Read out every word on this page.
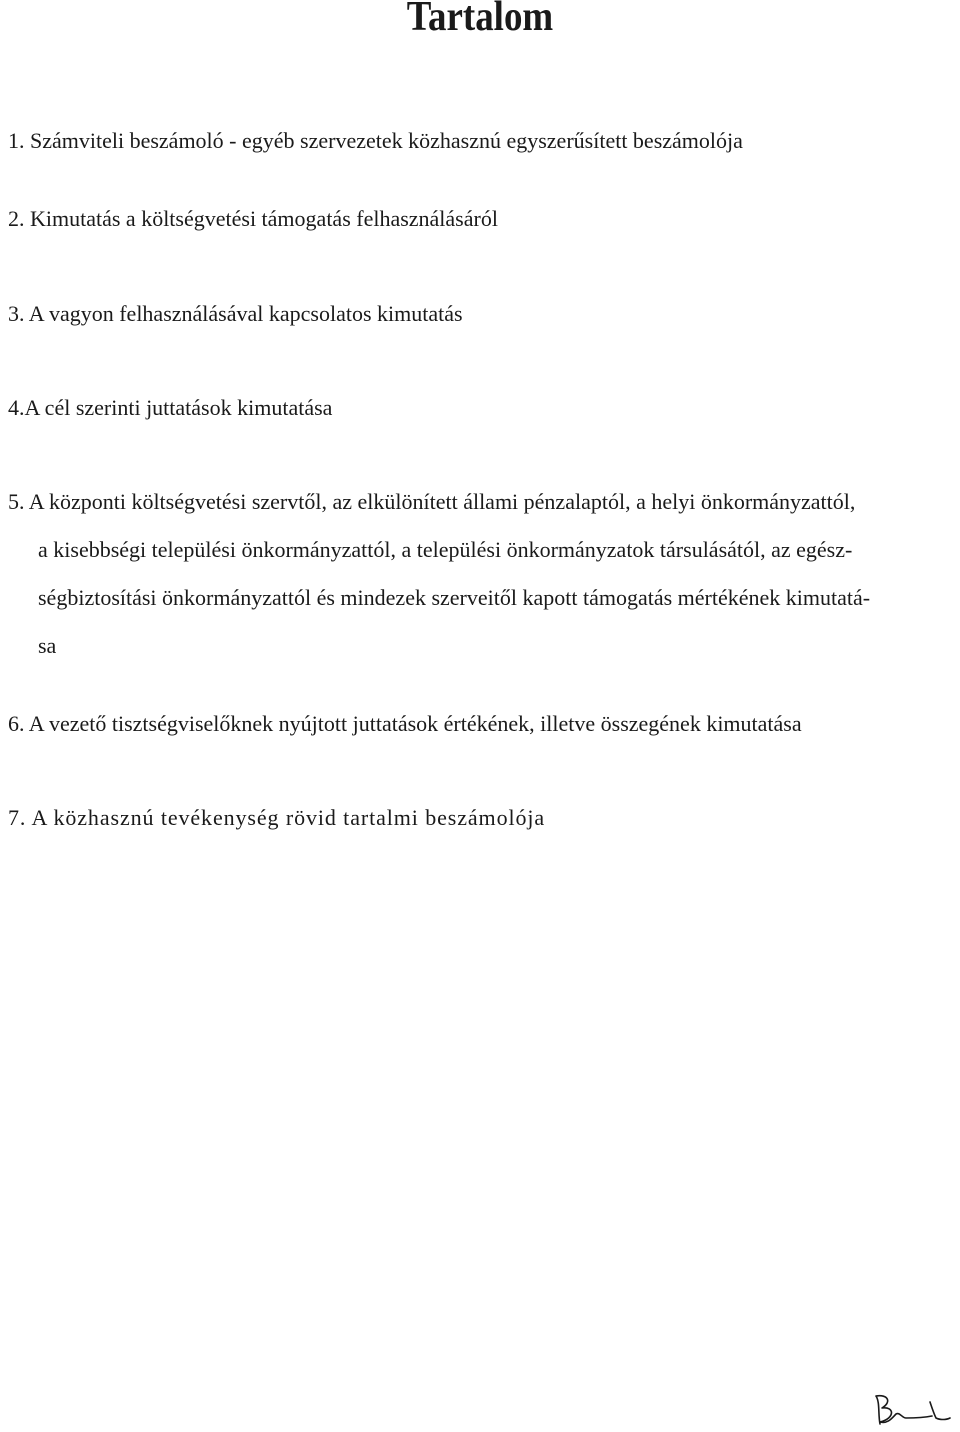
Tartalom
1. Számviteli beszámoló - egyéb szervezetek közhasznú egyszerűsített beszámolója
2. Kimutatás a költségvetési támogatás felhasználásáról
3. A vagyon felhasználásával kapcsolatos kimutatás
4.A cél szerinti juttatások kimutatása
5. A központi költségvetési szervtől, az elkülönített állami pénzalaptól, a helyi önkormányzattól,
a kisebbségi települési önkormányzattól, a települési önkormányzatok társulásától, az egész-
ségbiztosítási önkormányzattól és mindezek szerveitől kapott támogatás mértékének kimutatá-
sa
6. A vezető tisztségviselőknek nyújtott juttatások értékének, illetve összegének kimutatása
7. A közhasznú tevékenység rövid tartalmi beszámolója
